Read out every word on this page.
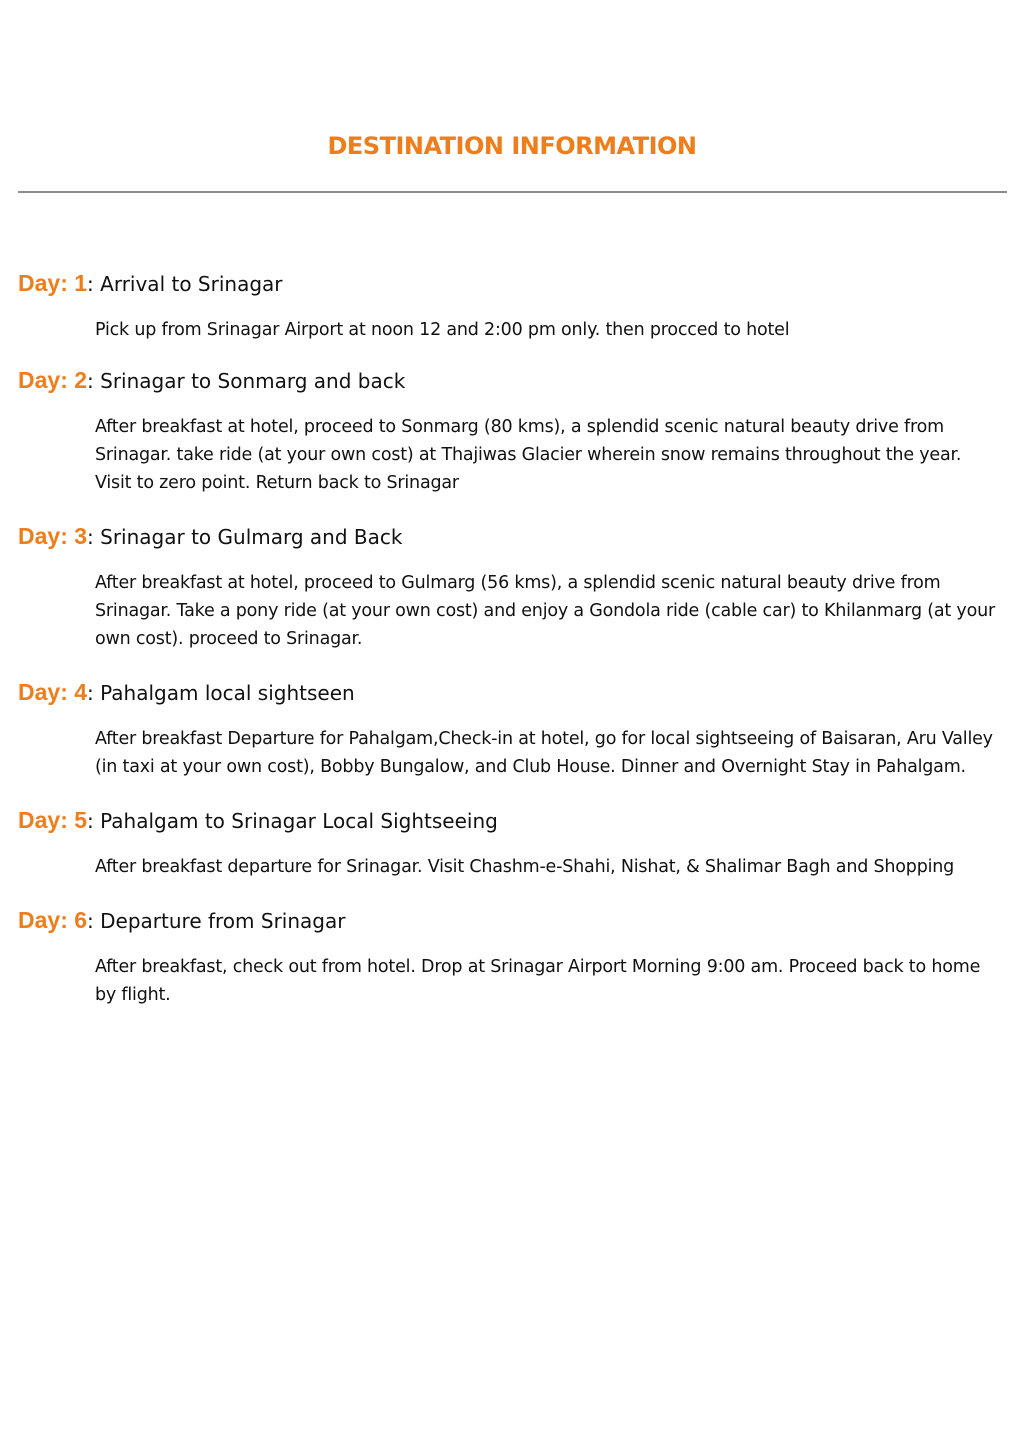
DESTINATION INFORMATION
Day: 1: Arrival to Srinagar

Pick up from Srinagar Airport at noon 12 and 2:00 pm only. then procced to hotel

Day: 2: Srinagar to Sonmarg and back

After breakfast at hotel, proceed to Sonmarg (80 kms), a splendid scenic natural beauty drive from Srinagar. take ride (at your own cost) at Thajiwas Glacier wherein snow remains throughout the year. Visit to zero point. Return back to Srinagar

Day: 3: Srinagar to Gulmarg and Back

After breakfast at hotel, proceed to Gulmarg (56 kms), a splendid scenic natural beauty drive from Srinagar. Take a pony ride (at your own cost) and enjoy a Gondola ride (cable car) to Khilanmarg (at your own cost). proceed to Srinagar.

Day: 4: Pahalgam local sightseen

After breakfast Departure for Pahalgam,Check-in at hotel, go for local sightseeing of Baisaran, Aru Valley (in taxi at your own cost), Bobby Bungalow, and Club House. Dinner and Overnight Stay in Pahalgam.

Day: 5: Pahalgam to Srinagar Local Sightseeing

After breakfast departure for Srinagar. Visit Chashm-e-Shahi, Nishat, & Shalimar Bagh and Shopping

Day: 6: Departure from Srinagar

After breakfast, check out from hotel. Drop at Srinagar Airport Morning 9:00 am. Proceed back to home by flight.
